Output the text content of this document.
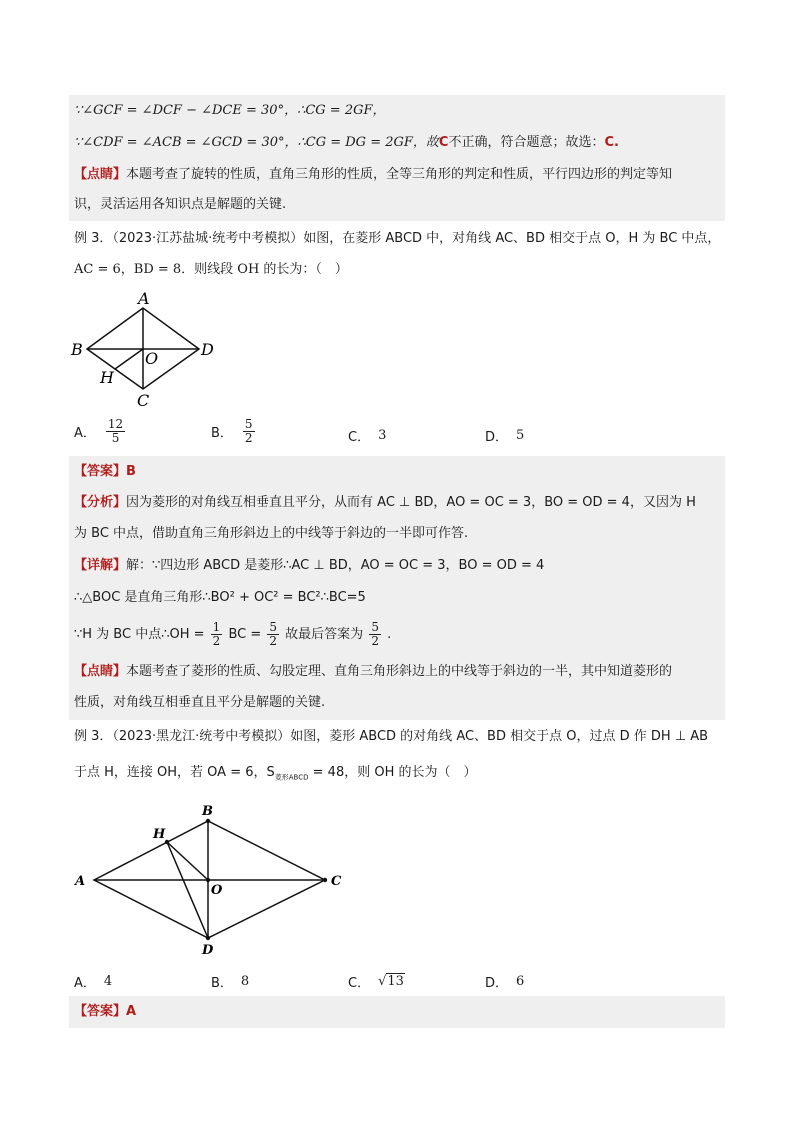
∵∠GCF = ∠DCF − ∠DCE = 30°，∴CG = 2GF，
∵∠CDF = ∠ACB = ∠GCD = 30°，∴CG = DG = 2GF，故C不正确，符合题意；故选：C.
【点睛】本题考查了旋转的性质，直角三角形的性质，全等三角形的判定和性质，平行四边形的判定等知
识，灵活运用各知识点是解题的关键.
例 3．（2023·江苏盐城·统考中考模拟）如图，在菱形 ABCD 中，对角线 AC、BD 相交于点 O，H 为 BC 中点，
AC = 6，BD = 8．则线段 OH 的长为：（　）
A
B	D
C
O
H
A． $\frac{12}{5}$	B． $\frac{5}{2}$	C． 3	D． 5
【答案】B
【分析】因为菱形的对角线互相垂直且平分，从而有 AC ⊥ BD，AO = OC = 3，BO = OD = 4，又因为 H
为 BC 中点，借助直角三角形斜边上的中线等于斜边的一半即可作答.
【详解】解：∵四边形 ABCD 是菱形∴AC ⊥ BD，AO = OC = 3，BO = OD = 4
∴△BOC 是直角三角形∴BO² + OC² = BC²∴BC=5
∵H 为 BC 中点∴OH = $\frac{1}{2}$ BC = $\frac{5}{2}$ 故最后答案为 $\frac{5}{2}$ .
【点睛】本题考查了菱形的性质、勾股定理、直角三角形斜边上的中线等于斜边的一半，其中知道菱形的
性质，对角线互相垂直且平分是解题的关键.
例 3．（2023·黑龙江·统考中考模拟）如图，菱形 ABCD 的对角线 AC、BD 相交于点 O，过点 D 作 DH ⊥ AB
于点 H，连接 OH，若 OA = 6，$S_{菱形ABCD} = 48$，则 OH 的长为（　）
A
B
C
D
O
H
A． 4	B． 8	C． √13	D． 6
【答案】A
